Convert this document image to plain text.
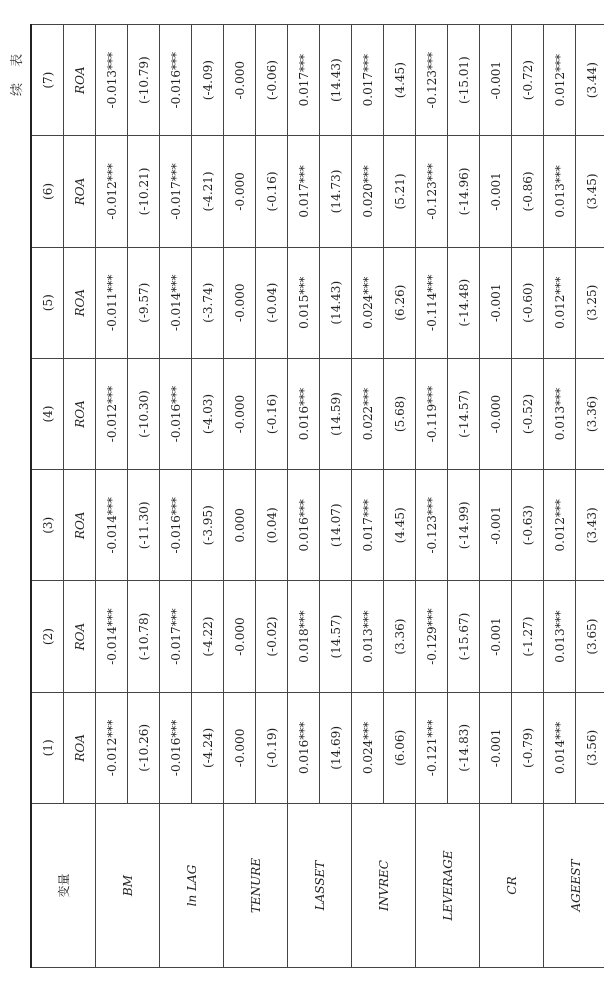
续 表
变量	(1)	(2)	(3)	(4)	(5)	(6)	(7)
	ROA	ROA	ROA	ROA	ROA	ROA	ROA
BM	-0.012***	-0.014***	-0.014***	-0.012***	-0.011***	-0.012***	-0.013***
	(-10.26)	(-10.78)	(-11.30)	(-10.30)	(-9.57)	(-10.21)	(-10.79)
ln LAG	-0.016***	-0.017***	-0.016***	-0.016***	-0.014***	-0.017***	-0.016***
	(-4.24)	(-4.22)	(-3.95)	(-4.03)	(-3.74)	(-4.21)	(-4.09)
TENURE	-0.000	-0.000	0.000	-0.000	-0.000	-0.000	-0.000
	(-0.19)	(-0.02)	(0.04)	(-0.16)	(-0.04)	(-0.16)	(-0.06)
LASSET	0.016***	0.018***	0.016***	0.016***	0.015***	0.017***	0.017***
	(14.69)	(14.57)	(14.07)	(14.59)	(14.43)	(14.73)	(14.43)
INVREC	0.024***	0.013***	0.017***	0.022***	0.024***	0.020***	0.017***
	(6.06)	(3.36)	(4.45)	(5.68)	(6.26)	(5.21)	(4.45)
LEVERAGE	-0.121***	-0.129***	-0.123***	-0.119***	-0.114***	-0.123***	-0.123***
	(-14.83)	(-15.67)	(-14.99)	(-14.57)	(-14.48)	(-14.96)	(-15.01)
CR	-0.001	-0.001	-0.001	-0.000	-0.001	-0.001	-0.001
	(-0.79)	(-1.27)	(-0.63)	(-0.52)	(-0.60)	(-0.86)	(-0.72)
AGEEST	0.014***	0.013***	0.012***	0.013***	0.012***	0.013***	0.012***
	(3.56)	(3.65)	(3.43)	(3.36)	(3.25)	(3.45)	(3.44)
